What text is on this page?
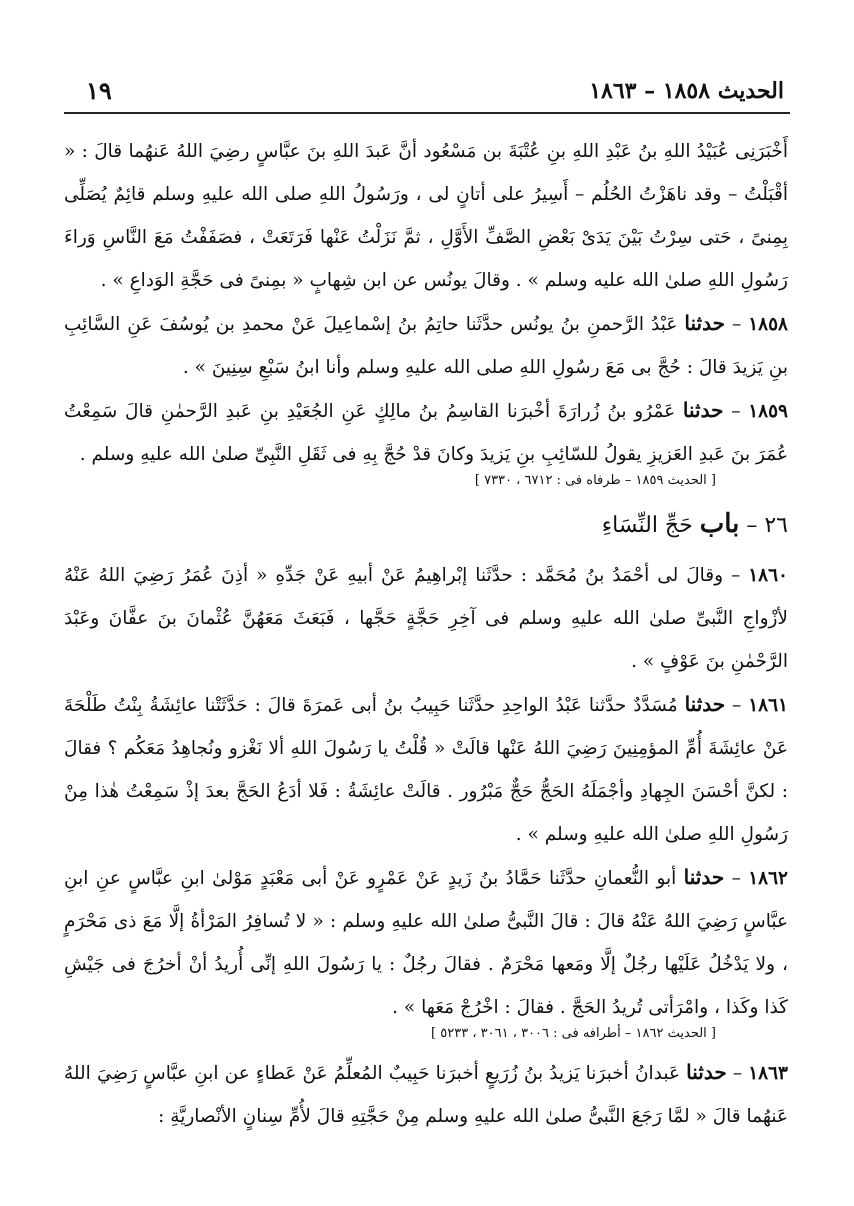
الحديث ١٨٥٨ – ١٨٦٣
١٩

أَخْبَرَنِى عُبَيْدُ اللهِ بنُ عَبْدِ اللهِ بنِ عُتْبَةَ بن مَسْعُود أنَّ عَبدَ اللهِ بنَ عبَّاسٍ رضِيَ اللهُ عَنهُما قالَ : « أقْبَلْتُ – وقد ناهَزْتُ الحُلُم – أَسِيرُ على أتانٍ لى ، ورَسُولُ اللهِ صلى الله عليهِ وسلم قائِمٌ يُصَلِّى بِمِنىً ، حَتى سِرْتُ بَيْنَ يَدَىْ بَعْضِ الصَّفِّ الأَوَّلِ ، ثمَّ نَزَلْتُ عَنْها فَرَتَعَتْ ، فصَفَفْتُ مَعَ النَّاسِ وَراءَ رَسُولِ اللهِ صلىٰ الله عليه وسلم » . وقالَ يونُس عن ابن شِهابٍ « بمِنىً فى حَجَّةِ الوَداعِ » .

١٨٥٨ – حدثنا عَبْدُ الرَّحمنِ بنُ يونُس حدَّثَنا حاتِمُ بنُ إسْماعِيلَ عَنْ محمدِ بن يُوسُفَ عَنِ السَّائِبِ بنِ يَزيدَ قالَ : حُجَّ بى مَعَ رسُولِ اللهِ صلى الله عليهِ وسلم وأنا ابنُ سَبْعِ سِنِينَ » .

١٨٥٩ – حدثنا عَمْرُو بنُ زُرارَةَ أخْبرَنا القاسِمُ بنُ مالِكٍ عَنِ الجُعَيْدِ بنِ عَبدِ الرَّحمٰنِ قالَ سَمِعْتُ عُمَرَ بنَ عَبدِ العَزيزِ يقولُ للسّائِبِ بنِ يَزيدَ وكانَ قدْ حُجَّ بِهِ فى ثَقَلِ النَّبِىِّ صلىٰ الله عليهِ وسلم .

[ الحديث ١٨٥٩ – طرفاه فى : ٦٧١٢ ، ٧٣٣٠ ]
٢٦ – باب حَجِّ النِّسَاءِ

١٨٦٠ – وقالَ لى أحْمَدُ بنُ مُحَمَّد : حدَّثَنا إبْراهِيمُ عَنْ أبيهِ عَنْ جَدِّهِ « أذِنَ عُمَرُ رَضِيَ اللهُ عَنْهُ لأزْواجِ النَّبىِّ صلىٰ الله عليهِ وسلم فى آخِرِ حَجَّةٍ حَجَّها ، فَبَعَثَ مَعَهُنَّ عُثْمانَ بنَ عفَّانَ وعَبْدَ الرَّحْمٰنِ بنَ عَوْفٍ » .

١٨٦١ – حدثنا مُسَدَّدٌ حدَّثنا عَبْدُ الواحِدِ حدَّثَنا حَبِيبُ بنُ أبى عَمرَةَ قالَ : حَدَّثَتْنا عائِشَةُ بِنْتُ طَلْحَةَ عَنْ عائِشَةَ أُمِّ المؤمِنِينَ رَضِيَ اللهُ عَنْها قالَتْ « قُلْتُ يا رَسُولَ اللهِ ألا نَغْزو ونُجاهِدُ مَعَكُم ؟ فقالَ : لكنَّ أحْسَنَ الجِهادِ وأجْمَلَهُ الحَجُّ حَجٌّ مَبْرُور . قالَتْ عائِشَةُ : فَلا أدَعُ الحَجَّ بعدَ إذْ سَمِعْتُ هٰذا مِنْ رَسُولِ اللهِ صلىٰ الله عليهِ وسلم » .

١٨٦٢ – حدثنا أبو النُّعمانِ حدَّثَنا حَمَّادُ بنُ زَيدٍ عَنْ عَمْرٍو عَنْ أبى مَعْبَدٍ مَوْلىٰ ابنِ عبَّاسٍ عنِ ابنِ عبَّاسٍ رَضِيَ اللهُ عَنْهُ قالَ : قالَ النَّبىُّ صلىٰ الله عليهِ وسلم : « لا تُسافِرُ المَرْأةُ إلَّا مَعَ ذى مَحْرَمٍ ، ولا يَدْخُلُ عَلَيْها رجُلٌ إلَّا ومَعها مَحْرَمٌ . فقالَ رجُلٌ : يا رَسُولَ اللهِ إنِّى أُريدُ أنْ أخرُجَ فى جَيْشِ كَذا وكَذا ، وامْرَأتى تُريدُ الحَجَّ . فقالَ : اخْرُجْ مَعَها » .

[ الحديث ١٨٦٢ – أطرافه فى : ٣٠٠٦ ، ٣٠٦١ ، ٥٢٣٣ ]

١٨٦٣ – حدثنا عَبدانُ أخبرَنا يَزيدُ بنُ زُرَيعٍ أخبرَنا حَبِيبٌ المُعلِّمُ عَنْ عَطاءٍ عن ابنِ عبَّاسٍ رَضِيَ اللهُ عَنهُما قالَ « لمَّا رَجَعَ النَّبىُّ صلىٰ الله عليهِ وسلم مِنْ حَجَّتِهِ قالَ لأُمِّ سِنانٍ الأنْصاريَّةِ :
